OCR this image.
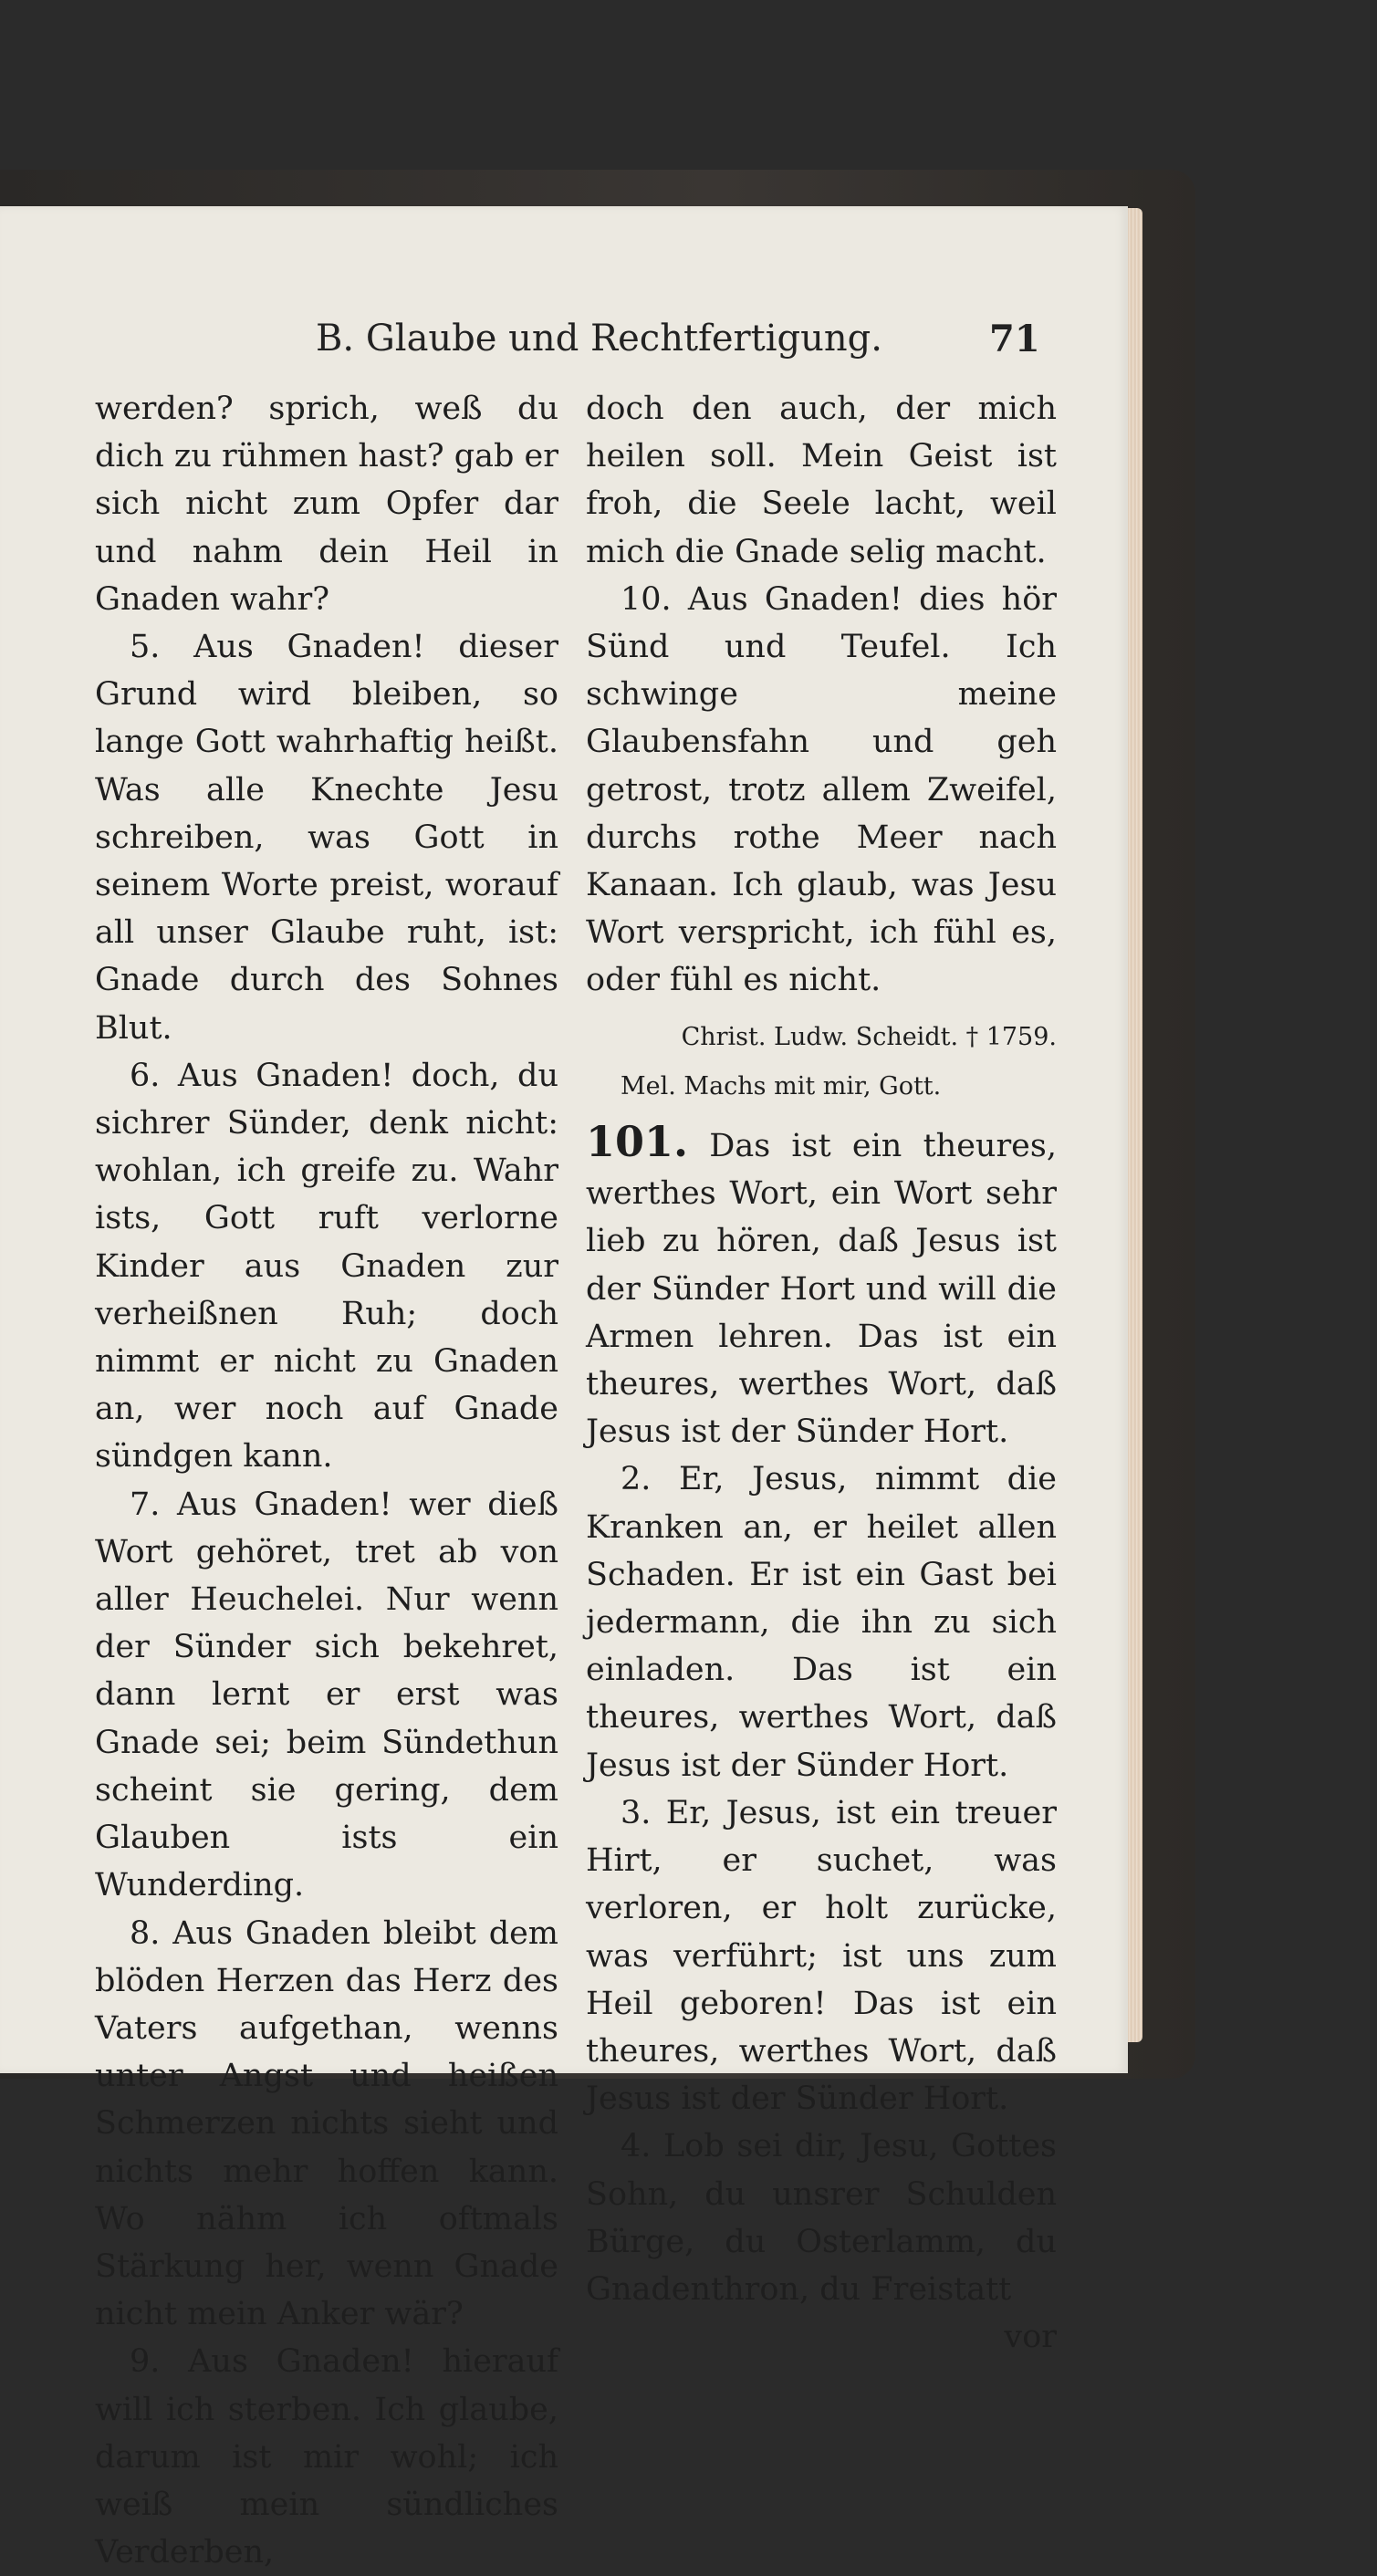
B. Glaube und Rechtfertigung.	71

werden? sprich, weß du dich zu rühmen hast? gab er sich nicht zum Opfer dar und nahm dein Heil in Gnaden wahr?

5. Aus Gnaden! dieser Grund wird bleiben, so lange Gott wahrhaftig heißt. Was alle Knechte Jesu schreiben, was Gott in seinem Worte preist, worauf all unser Glaube ruht, ist: Gnade durch des Sohnes Blut.

6. Aus Gnaden! doch, du sichrer Sünder, denk nicht: wohlan, ich greife zu. Wahr ists, Gott ruft verlorne Kinder aus Gnaden zur verheißnen Ruh; doch nimmt er nicht zu Gnaden an, wer noch auf Gnade sündgen kann.

7. Aus Gnaden! wer dieß Wort gehöret, tret ab von aller Heuchelei. Nur wenn der Sünder sich bekehret, dann lernt er erst was Gnade sei; beim Sündethun scheint sie gering, dem Glauben ists ein Wunderding.

8. Aus Gnaden bleibt dem blöden Herzen das Herz des Vaters aufgethan, wenns unter Angst und heißen Schmerzen nichts sieht und nichts mehr hoffen kann. Wo nähm ich oftmals Stärkung her, wenn Gnade nicht mein Anker wär?

9. Aus Gnaden! hierauf will ich sterben. Ich glaube, darum ist mir wohl; ich weiß mein sündliches Verderben,

doch den auch, der mich heilen soll. Mein Geist ist froh, die Seele lacht, weil mich die Gnade selig macht.

10. Aus Gnaden! dies hör Sünd und Teufel. Ich schwinge meine Glaubensfahn und geh getrost, trotz allem Zweifel, durchs rothe Meer nach Kanaan. Ich glaub, was Jesu Wort verspricht, ich fühl es, oder fühl es nicht.

Christ. Ludw. Scheidt. † 1759.

Mel. Machs mit mir, Gott.

101. Das ist ein theures, werthes Wort, ein Wort sehr lieb zu hören, daß Jesus ist der Sünder Hort und will die Armen lehren. Das ist ein theures, werthes Wort, daß Jesus ist der Sünder Hort.

2. Er, Jesus, nimmt die Kranken an, er heilet allen Schaden. Er ist ein Gast bei jedermann, die ihn zu sich einladen. Das ist ein theures, werthes Wort, daß Jesus ist der Sünder Hort.

3. Er, Jesus, ist ein treuer Hirt, er suchet, was verloren, er holt zurücke, was verführt; ist uns zum Heil geboren! Das ist ein theures, werthes Wort, daß Jesus ist der Sünder Hort.

4. Lob sei dir, Jesu, Gottes Sohn, du unsrer Schulden Bürge, du Osterlamm, du Gnadenthron, du Freistatt

vor
